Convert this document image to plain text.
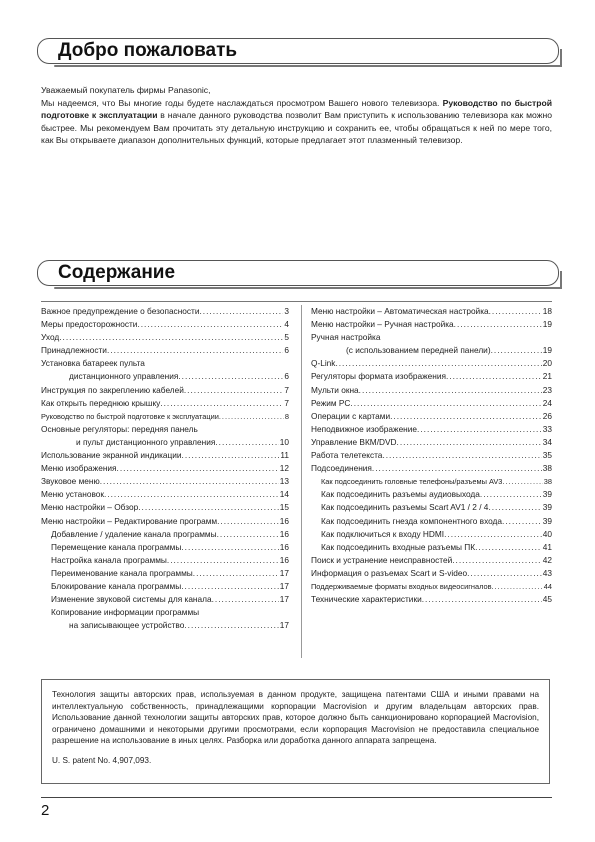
Добро пожаловать

Уважаемый покупатель фирмы Panasonic,

Мы надеемся, что Вы многие годы будете наслаждаться просмотром Вашего нового телевизора. Руководство по быстрой подготовке к эксплуатации в начале данного руководства позволит Вам приступить к использованию телевизора как можно быстрее. Мы рекомендуем Вам прочитать эту детальную инструкцию и сохранить ее, чтобы обращаться к ней по мере того, как Вы открываете диапазон дополнительных функций, которые предлагает этот плазменный телевизор.

Содержание
Важное предупреждение о безопасности .....	3
Меры предосторожности .....	4
Уход .....	5
Принадлежности .....	6
Установка батареек пульта
дистанционного управления .....	6
Инструкция по закреплению кабелей .....	7
Как открыть переднюю крышку .....	7
Руководство по быстрой подготовке к эксплуатации .....	8
Основные регуляторы: передняя панель
и пульт дистанционного управления .....	10
Использование экранной индикации .....	11
Меню изображения .....	12
Звуковое меню .....	13
Меню установок .....	14
Меню настройки – Обзор .....	15
Меню настройки – Редактирование программ .....	16
Добавление / удаление канала программы .....	16
Перемещение канала программы .....	16
Настройка канала программы .....	16
Переименование канала программы .....	17
Блокирование канала программы .....	17
Изменение звуковой системы для канала .....	17
Копирование информации программы
на записывающее устройство .....	17
Меню настройки – Автоматическая настройка .....	18
Меню настройки – Ручная настройка .....	19
Ручная настройка
(с использованием передней панели) .....	19
Q-Link .....	20
Регуляторы формата изображения .....	21
Мульти окна .....	23
Режим PC .....	24
Операции с картами .....	26
Неподвижное изображение .....	33
Управление ВКМ/DVD .....	34
Работа телетекста .....	35
Подсоединения .....	38
Как подсоединить головные телефоны/разъемы AV3 .....	38
Как подсоединить разъемы аудиовыхода .....	39
Как подсоединить разъемы Scart AV1 / 2 / 4 .....	39
Как подсоединить гнезда компонентного входа .....	39
Как подключиться к входу HDMI .....	40
Как подсоединить входные разъемы ПК .....	41
Поиск и устранение неисправностей .....	42
Информация о разъемах Scart и S-video .....	43
Поддерживаемые форматы входных видеосигналов .....	44
Технические характеристики .....	45

Технология защиты авторских прав, используемая в данном продукте, защищена патентами США и иными правами на интеллектуальную собственность, принадлежащими корпорации Macrovision и другим владельцам авторских прав. Использование данной технологии защиты авторских прав, которое должно быть санкционировано корпорацией Macrovision, ограничено домашними и некоторыми другими просмотрами, если корпорация Macrovision не предоставила специальное разрешение на использование в иных целях. Разборка или доработка данного аппарата запрещена.

U. S. patent No. 4,907,093.

2
